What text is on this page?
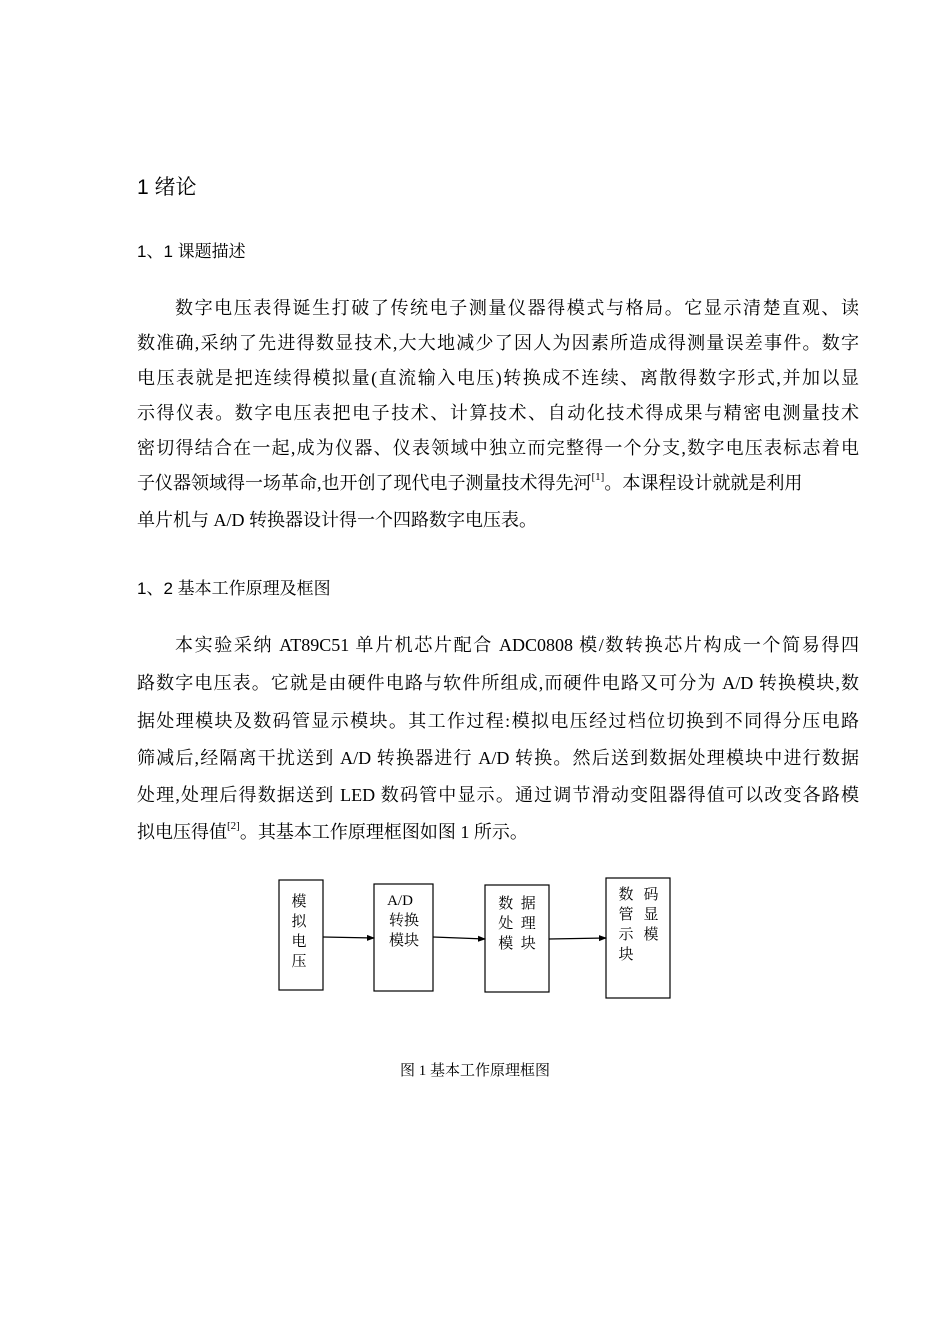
1 绪论
1、1 课题描述
数字电压表得诞生打破了传统电子测量仪器得模式与格局。它显示清楚直观、读
数准确,采纳了先进得数显技术,大大地减少了因人为因素所造成得测量误差事件。数字
电压表就是把连续得模拟量(直流输入电压)转换成不连续、离散得数字形式,并加以显
示得仪表。数字电压表把电子技术、计算技术、自动化技术得成果与精密电测量技术
密切得结合在一起,成为仪器、仪表领域中独立而完整得一个分支,数字电压表标志着电
子仪器领域得一场革命,也开创了现代电子测量技术得先河[1]。本课程设计就就是利用
单片机与 A/D 转换器设计得一个四路数字电压表。
1、2 基本工作原理及框图
本实验采纳 AT89C51 单片机芯片配合 ADC0808 模/数转换芯片构成一个简易得四
路数字电压表。它就是由硬件电路与软件所组成,而硬件电路又可分为 A/D 转换模块,数
据处理模块及数码管显示模块。其工作过程:模拟电压经过档位切换到不同得分压电路
筛减后,经隔离干扰送到 A/D 转换器进行 A/D 转换。然后送到数据处理模块中进行数据
处理,处理后得数据送到 LED 数码管中显示。通过调节滑动变阻器得值可以改变各路模
拟电压得值[2]。其基本工作原理框图如图 1 所示。
模
拟
电
压
A/D
转换
模块
数  据
处  理
模  块
数
管
示
块
码
显
模
图 1 基本工作原理框图
